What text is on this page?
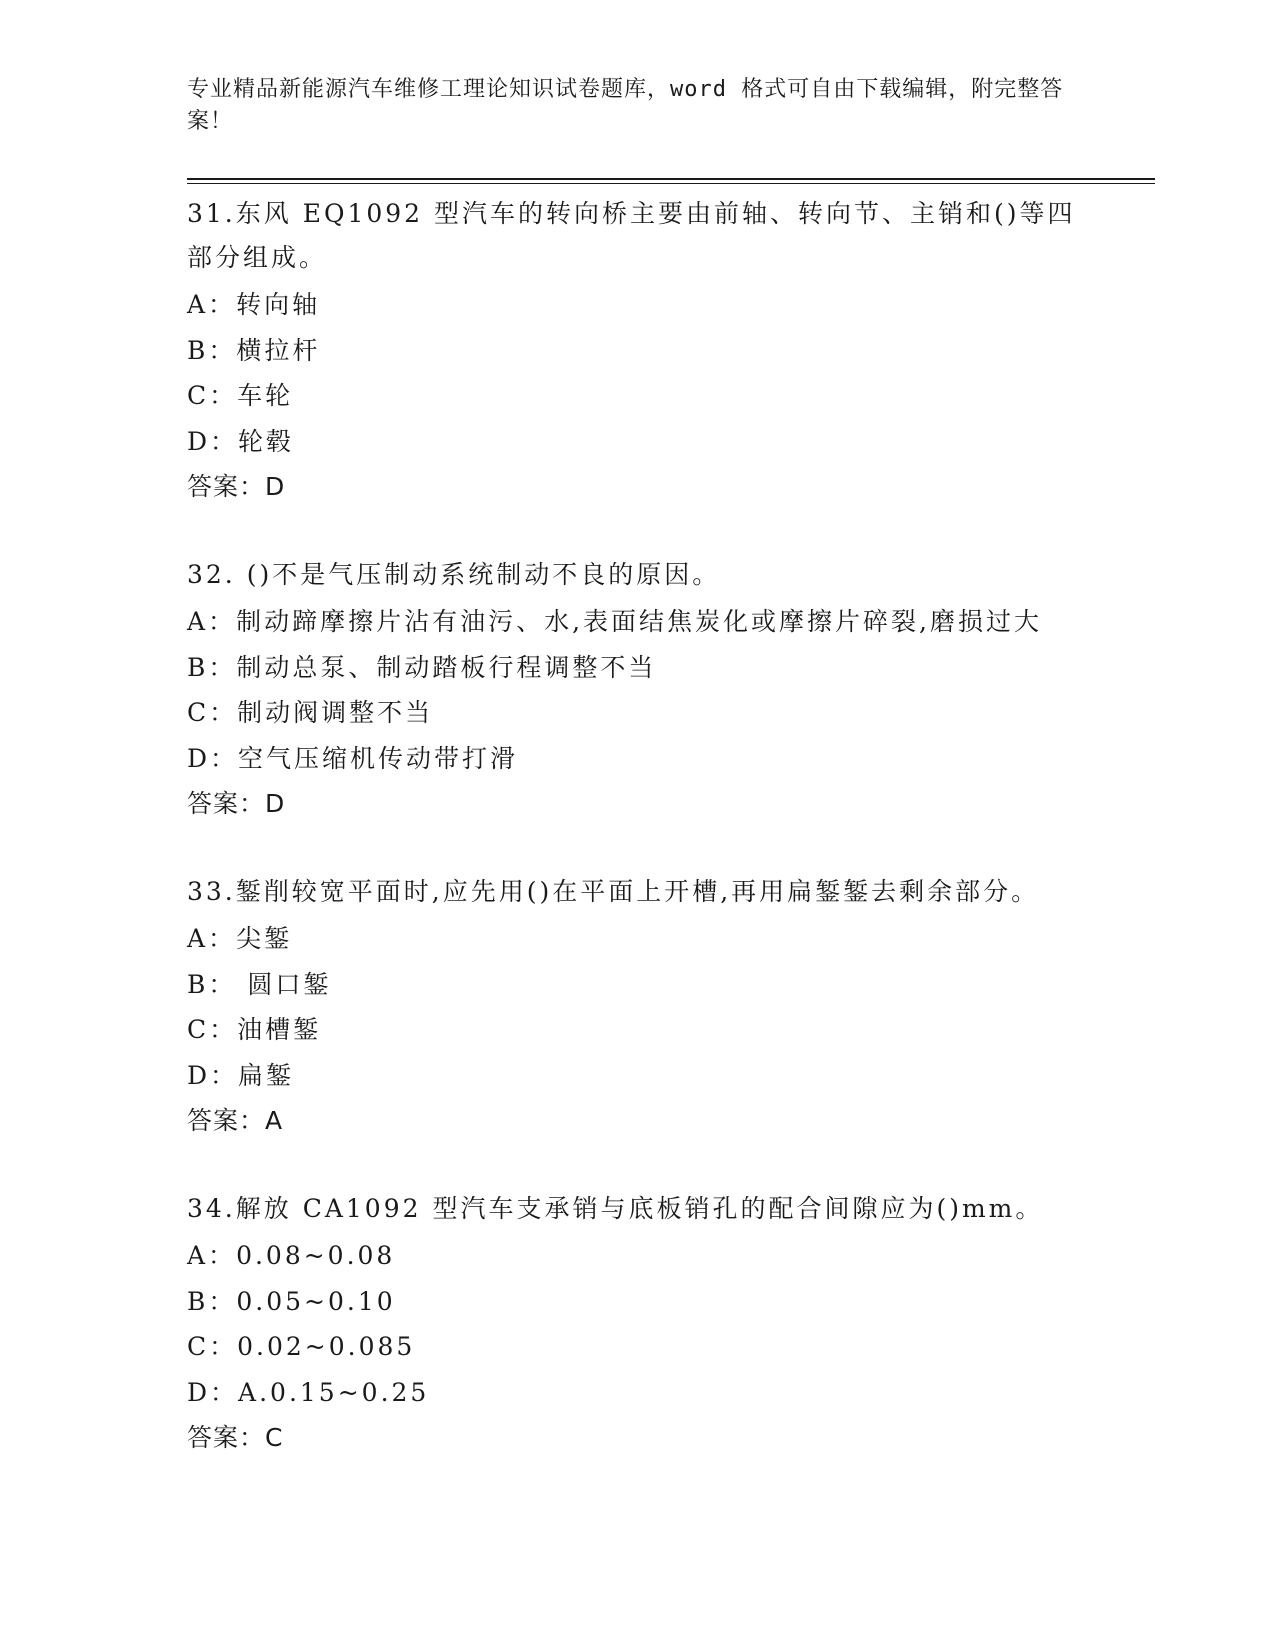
专业精品新能源汽车维修工理论知识试卷题库，word 格式可自由下载编辑，附完整答案！
31.东风 EQ1092 型汽车的转向桥主要由前轴、转向节、主销和()等四部分组成。
A：转向轴
B：横拉杆
C：车轮
D：轮毂
答案：D
32. ()不是气压制动系统制动不良的原因。
A：制动蹄摩擦片沾有油污、水,表面结焦炭化或摩擦片碎裂,磨损过大
B：制动总泵、制动踏板行程调整不当
C：制动阀调整不当
D：空气压缩机传动带打滑
答案：D
33.錾削较宽平面时,应先用()在平面上开槽,再用扁錾錾去剩余部分。
A：尖錾
B： 圆口錾
C：油槽錾
D：扁錾
答案：A
34.解放 CA1092 型汽车支承销与底板销孔的配合间隙应为()mm。
A：0.08~0.08
B：0.05~0.10
C：0.02~0.085
D：A.0.15~0.25
答案：C
